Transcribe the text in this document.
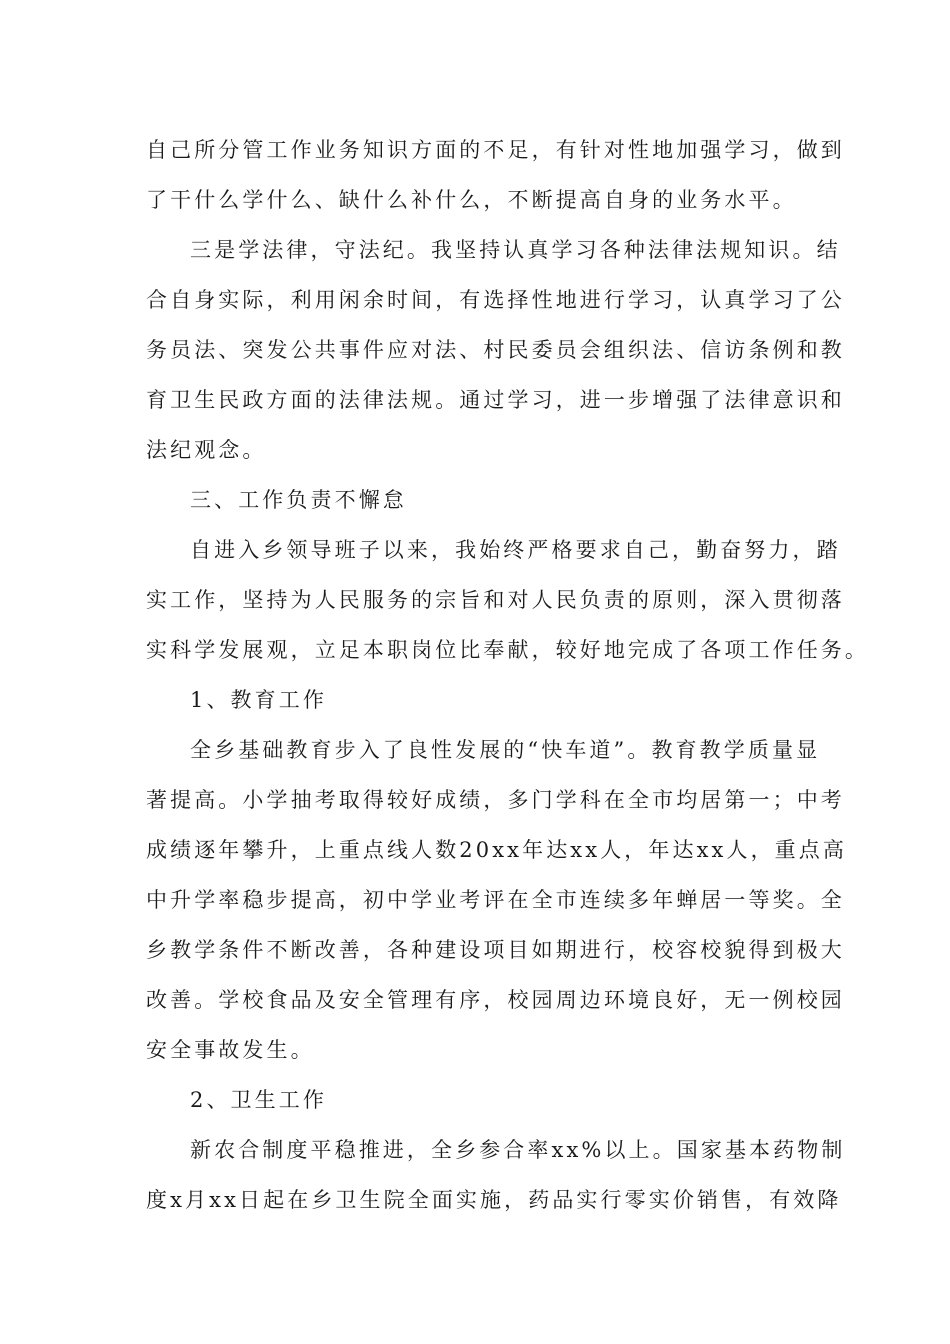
自己所分管工作业务知识方面的不足，有针对性地加强学习，做到
了干什么学什么、缺什么补什么，不断提高自身的业务水平。
三是学法律，守法纪。我坚持认真学习各种法律法规知识。结
合自身实际，利用闲余时间，有选择性地进行学习，认真学习了公
务员法、突发公共事件应对法、村民委员会组织法、信访条例和教
育卫生民政方面的法律法规。通过学习，进一步增强了法律意识和
法纪观念。
三、工作负责不懈怠
自进入乡领导班子以来，我始终严格要求自己，勤奋努力，踏
实工作，坚持为人民服务的宗旨和对人民负责的原则，深入贯彻落
实科学发展观，立足本职岗位比奉献，较好地完成了各项工作任务。
1、教育工作
全乡基础教育步入了良性发展的“快车道”。教育教学质量显
著提高。小学抽考取得较好成绩，多门学科在全市均居第一；中考
成绩逐年攀升，上重点线人数20xx年达xx人，年达xx人，重点高
中升学率稳步提高，初中学业考评在全市连续多年蝉居一等奖。全
乡教学条件不断改善，各种建设项目如期进行，校容校貌得到极大
改善。学校食品及安全管理有序，校园周边环境良好，无一例校园
安全事故发生。
2、卫生工作
新农合制度平稳推进，全乡参合率xx%以上。国家基本药物制
度x月xx日起在乡卫生院全面实施，药品实行零实价销售，有效降
